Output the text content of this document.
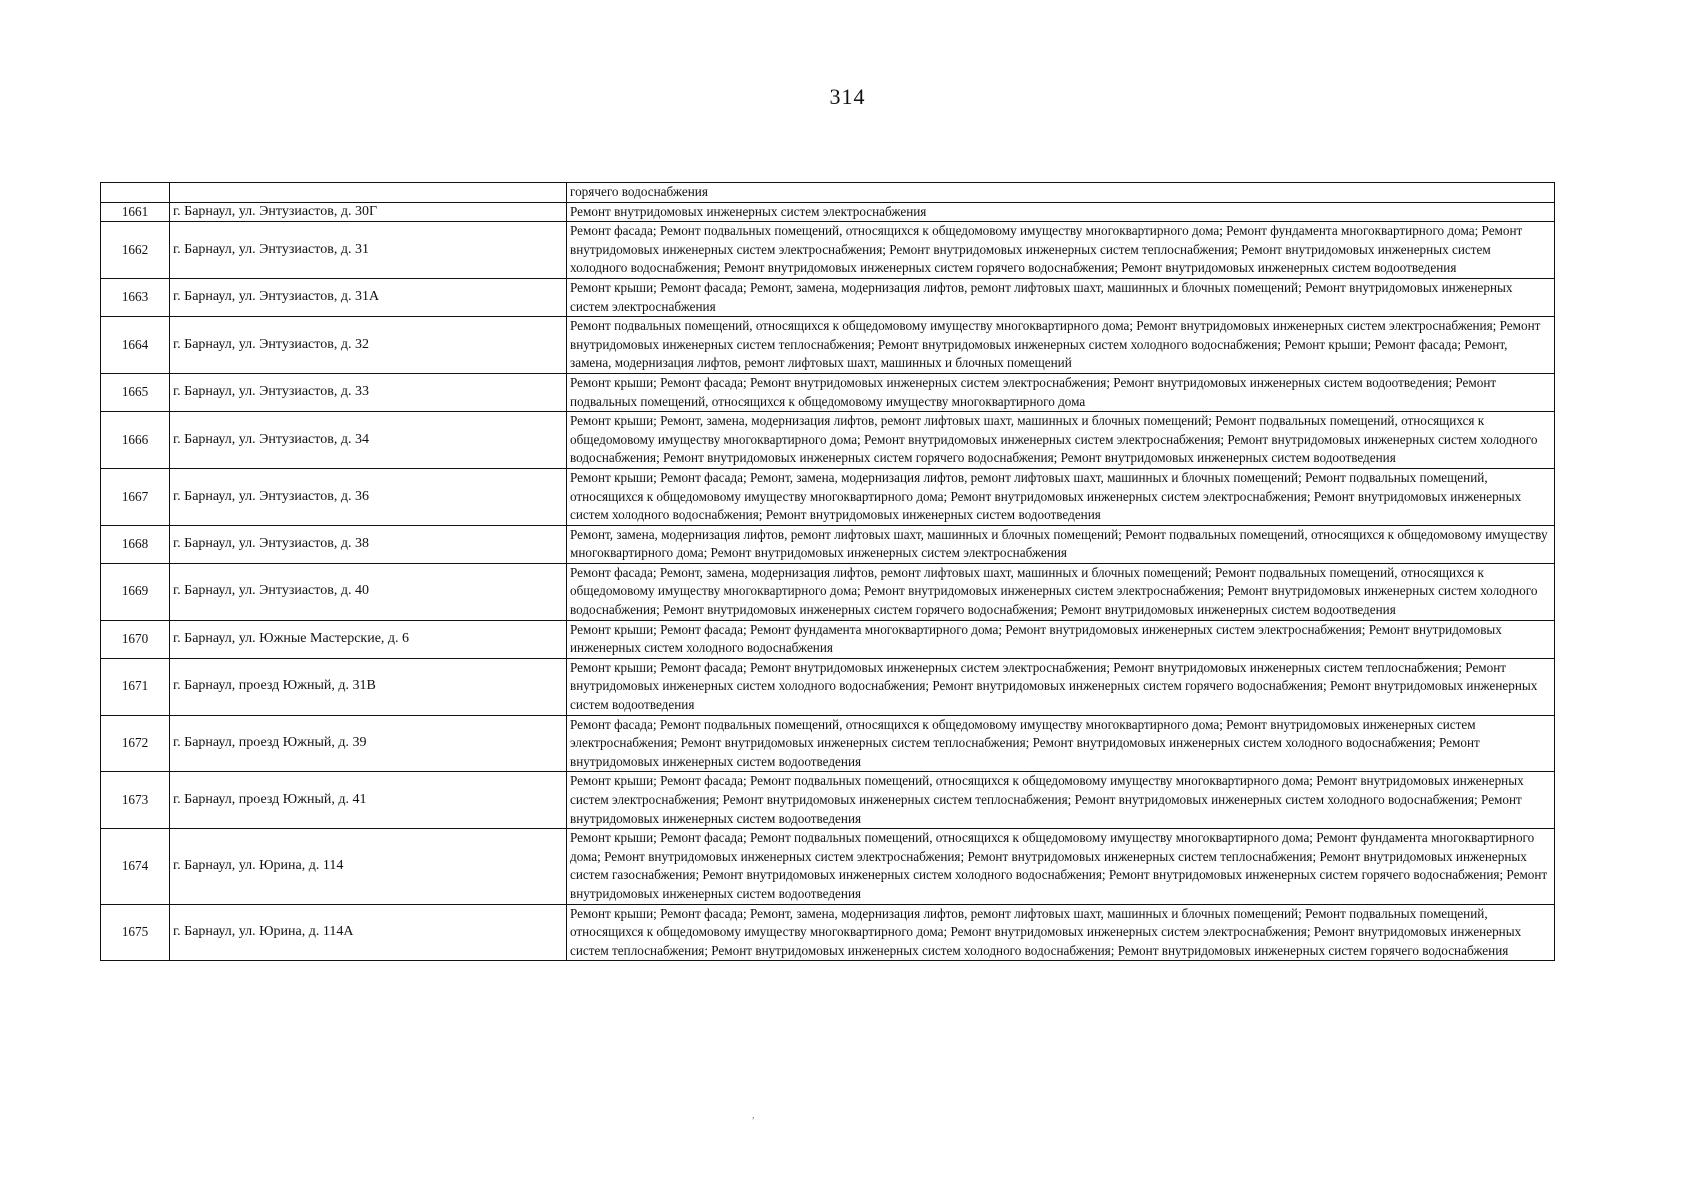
314
		горячего водоснабжения
1661	г. Барнаул, ул. Энтузиастов, д. 30Г	Ремонт внутридомовых инженерных систем электроснабжения
1662	г. Барнаул, ул. Энтузиастов, д. 31	Ремонт фасада; Ремонт подвальных помещений, относящихся к общедомовому имуществу многоквартирного дома; Ремонт фундамента многоквартирного дома; Ремонт внутридомовых инженерных систем электроснабжения; Ремонт внутридомовых инженерных систем теплоснабжения; Ремонт внутридомовых инженерных систем холодного водоснабжения; Ремонт внутридомовых инженерных систем горячего водоснабжения; Ремонт внутридомовых инженерных систем водоотведения
1663	г. Барнаул, ул. Энтузиастов, д. 31А	Ремонт крыши; Ремонт фасада; Ремонт, замена, модернизация лифтов, ремонт лифтовых шахт, машинных и блочных помещений; Ремонт внутридомовых инженерных систем электроснабжения
1664	г. Барнаул, ул. Энтузиастов, д. 32	Ремонт подвальных помещений, относящихся к общедомовому имуществу многоквартирного дома; Ремонт внутридомовых инженерных систем электроснабжения; Ремонт внутридомовых инженерных систем теплоснабжения; Ремонт внутридомовых инженерных систем холодного водоснабжения; Ремонт крыши; Ремонт фасада; Ремонт, замена, модернизация лифтов, ремонт лифтовых шахт, машинных и блочных помещений
1665	г. Барнаул, ул. Энтузиастов, д. 33	Ремонт крыши; Ремонт фасада; Ремонт внутридомовых инженерных систем электроснабжения; Ремонт внутридомовых инженерных систем водоотведения; Ремонт подвальных помещений, относящихся к общедомовому имуществу многоквартирного дома
1666	г. Барнаул, ул. Энтузиастов, д. 34	Ремонт крыши; Ремонт, замена, модернизация лифтов, ремонт лифтовых шахт, машинных и блочных помещений; Ремонт подвальных помещений, относящихся к общедомовому имуществу многоквартирного дома; Ремонт внутридомовых инженерных систем электроснабжения; Ремонт внутридомовых инженерных систем холодного водоснабжения; Ремонт внутридомовых инженерных систем горячего водоснабжения; Ремонт внутридомовых инженерных систем водоотведения
1667	г. Барнаул, ул. Энтузиастов, д. 36	Ремонт крыши; Ремонт фасада; Ремонт, замена, модернизация лифтов, ремонт лифтовых шахт, машинных и блочных помещений; Ремонт подвальных помещений, относящихся к общедомовому имуществу многоквартирного дома; Ремонт внутридомовых инженерных систем электроснабжения; Ремонт внутридомовых инженерных систем холодного водоснабжения; Ремонт внутридомовых инженерных систем водоотведения
1668	г. Барнаул, ул. Энтузиастов, д. 38	Ремонт, замена, модернизация лифтов, ремонт лифтовых шахт, машинных и блочных помещений; Ремонт подвальных помещений, относящихся к общедомовому имуществу многоквартирного дома; Ремонт внутридомовых инженерных систем электроснабжения
1669	г. Барнаул, ул. Энтузиастов, д. 40	Ремонт фасада; Ремонт, замена, модернизация лифтов, ремонт лифтовых шахт, машинных и блочных помещений; Ремонт подвальных помещений, относящихся к общедомовому имуществу многоквартирного дома; Ремонт внутридомовых инженерных систем электроснабжения; Ремонт внутридомовых инженерных систем холодного водоснабжения; Ремонт внутридомовых инженерных систем горячего водоснабжения; Ремонт внутридомовых инженерных систем водоотведения
1670	г. Барнаул, ул. Южные Мастерские, д. 6	Ремонт крыши; Ремонт фасада; Ремонт фундамента многоквартирного дома; Ремонт внутридомовых инженерных систем электроснабжения; Ремонт внутридомовых инженерных систем холодного водоснабжения
1671	г. Барнаул, проезд Южный, д. 31В	Ремонт крыши; Ремонт фасада; Ремонт внутридомовых инженерных систем электроснабжения; Ремонт внутридомовых инженерных систем теплоснабжения; Ремонт внутридомовых инженерных систем холодного водоснабжения; Ремонт внутридомовых инженерных систем горячего водоснабжения; Ремонт внутридомовых инженерных систем водоотведения
1672	г. Барнаул, проезд Южный, д. 39	Ремонт фасада; Ремонт подвальных помещений, относящихся к общедомовому имуществу многоквартирного дома; Ремонт внутридомовых инженерных систем электроснабжения; Ремонт внутридомовых инженерных систем теплоснабжения; Ремонт внутридомовых инженерных систем холодного водоснабжения; Ремонт внутридомовых инженерных систем водоотведения
1673	г. Барнаул, проезд Южный, д. 41	Ремонт крыши; Ремонт фасада; Ремонт подвальных помещений, относящихся к общедомовому имуществу многоквартирного дома; Ремонт внутридомовых инженерных систем электроснабжения; Ремонт внутридомовых инженерных систем теплоснабжения; Ремонт внутридомовых инженерных систем холодного водоснабжения; Ремонт внутридомовых инженерных систем водоотведения
1674	г. Барнаул, ул. Юрина, д. 114	Ремонт крыши; Ремонт фасада; Ремонт подвальных помещений, относящихся к общедомовому имуществу многоквартирного дома; Ремонт фундамента многоквартирного дома; Ремонт внутридомовых инженерных систем электроснабжения; Ремонт внутридомовых инженерных систем теплоснабжения; Ремонт внутридомовых инженерных систем газоснабжения; Ремонт внутридомовых инженерных систем холодного водоснабжения; Ремонт внутридомовых инженерных систем горячего водоснабжения; Ремонт внутридомовых инженерных систем водоотведения
1675	г. Барнаул, ул. Юрина, д. 114А	Ремонт крыши; Ремонт фасада; Ремонт, замена, модернизация лифтов, ремонт лифтовых шахт, машинных и блочных помещений; Ремонт подвальных помещений, относящихся к общедомовому имуществу многоквартирного дома; Ремонт внутридомовых инженерных систем электроснабжения; Ремонт внутридомовых инженерных систем теплоснабжения; Ремонт внутридомовых инженерных систем холодного водоснабжения; Ремонт внутридомовых инженерных систем горячего водоснабжения
,
